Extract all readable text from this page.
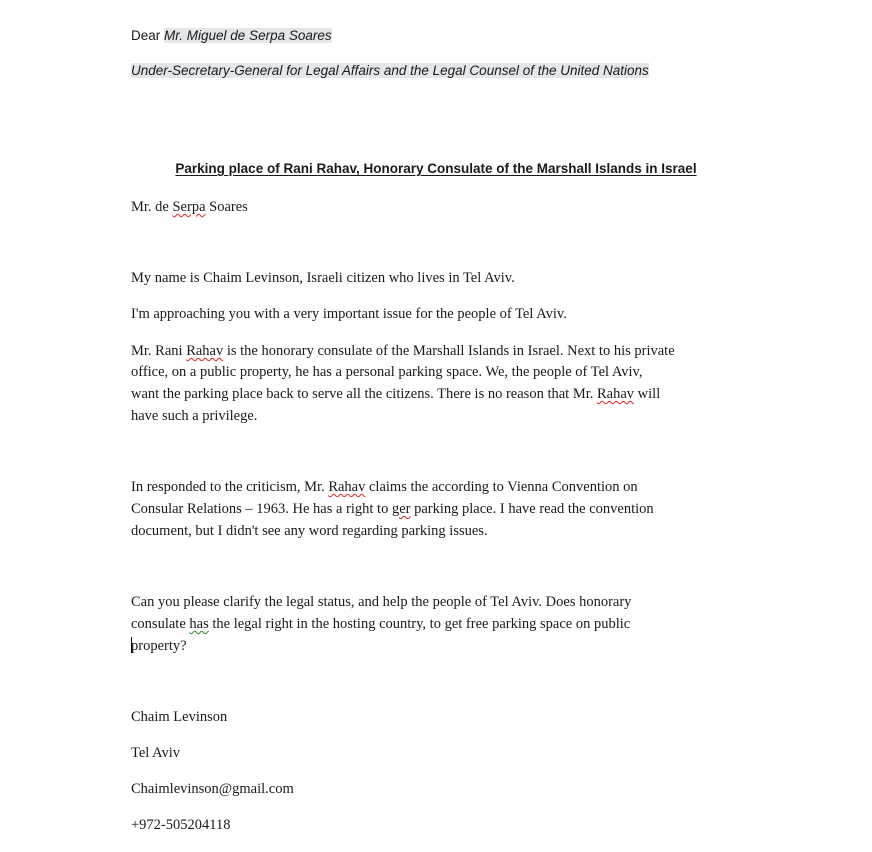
Dear Mr. Miguel de Serpa Soares
Under-Secretary-General for Legal Affairs and the Legal Counsel of the United Nations
Parking place of Rani Rahav, Honorary Consulate of the Marshall Islands in Israel
Mr. de Serpa Soares
My name is Chaim Levinson, Israeli citizen who lives in Tel Aviv.
I'm approaching you with a very important issue for the people of Tel Aviv.
Mr. Rani Rahav is the honorary consulate of the Marshall Islands in Israel. Next to his private
office, on a public property, he has a personal parking space. We, the people of Tel Aviv,
want the parking place back to serve all the citizens. There is no reason that Mr. Rahav will
have such a privilege.
In responded to the criticism, Mr. Rahav claims the according to Vienna Convention on
Consular Relations – 1963. He has a right to ger parking place. I have read the convention
document, but I didn't see any word regarding parking issues.
Can you please clarify the legal status, and help the people of Tel Aviv. Does honorary
consulate has the legal right in the hosting country, to get free parking space on public
property?
Chaim Levinson
Tel Aviv
Chaimlevinson@gmail.com
+972-505204118
